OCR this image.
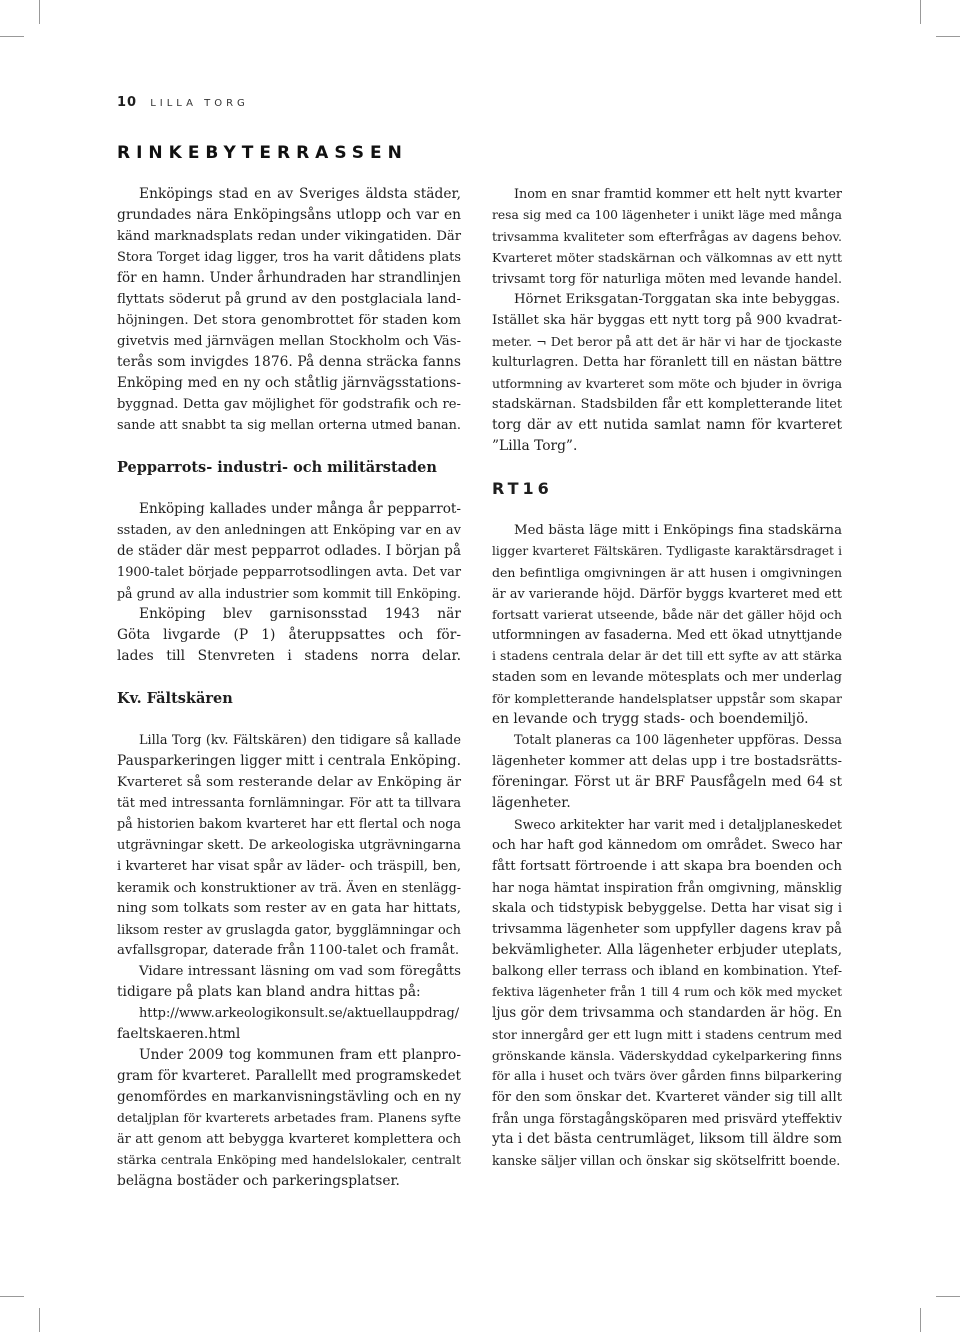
10 LILLA TORG
RINKEBYTERRASSEN
Enköpings stad en av Sveriges äldsta städer,
grundades nära Enköpingsåns utlopp och var en
känd marknadsplats redan under vikingatiden. Där
Stora Torget idag ligger, tros ha varit dåtidens plats
för en hamn. Under århundraden har strandlinjen
flyttats söderut på grund av den postglaciala land-
höjningen. Det stora genombrottet för staden kom
givetvis med järnvägen mellan Stockholm och Väs-
terås som invigdes 1876. På denna sträcka fanns
Enköping med en ny och ståtlig järnvägsstations-
byggnad. Detta gav möjlighet för godstrafik och re-
sande att snabbt ta sig mellan orterna utmed banan.
Pepparrots- industri- och militärstaden
Enköping kallades under många år pepparrot-
sstaden, av den anledningen att Enköping var en av
de städer där mest pepparrot odlades. I början på
1900-talet började pepparrotsodlingen avta. Det var
på grund av alla industrier som kommit till Enköping.
Enköping blev garnisonsstad 1943 när
Göta livgarde (P 1) återuppsattes och för-
lades till Stenvreten i stadens norra delar.
Kv. Fältskären
Lilla Torg (kv. Fältskären) den tidigare så kallade
Pausparkeringen ligger mitt i centrala Enköping.
Kvarteret så som resterande delar av Enköping är
tät med intressanta fornlämningar. För att ta tillvara
på historien bakom kvarteret har ett flertal och noga
utgrävningar skett. De arkeologiska utgrävningarna
i kvarteret har visat spår av läder- och träspill, ben,
keramik och konstruktioner av trä. Även en stenlägg-
ning som tolkats som rester av en gata har hittats,
liksom rester av gruslagda gator, bygglämningar och
avfallsgropar, daterade från 1100-talet och framåt.
Vidare intressant läsning om vad som föregåtts
tidigare på plats kan bland andra hittas på:
http://www.arkeologikonsult.se/aktuellauppdrag/
faeltskaeren.html
Under 2009 tog kommunen fram ett planpro-
gram för kvarteret. Parallellt med programskedet
genomfördes en markanvisningstävling och en ny
detaljplan för kvarterets arbetades fram. Planens syfte
är att genom att bebygga kvarteret komplettera och
stärka centrala Enköping med handelslokaler, centralt
belägna bostäder och parkeringsplatser.
Inom en snar framtid kommer ett helt nytt kvarter
resa sig med ca 100 lägenheter i unikt läge med många
trivsamma kvaliteter som efterfrågas av dagens behov.
Kvarteret möter stadskärnan och välkomnas av ett nytt
trivsamt torg för naturliga möten med levande handel.
Hörnet Eriksgatan-Torggatan ska inte bebyggas.
Istället ska här byggas ett nytt torg på 900 kvadrat-
meter. ¬ Det beror på att det är här vi har de tjockaste
kulturlagren. Detta har föranlett till en nästan bättre
utformning av kvarteret som möte och bjuder in övriga
stadskärnan. Stadsbilden får ett kompletterande litet
torg där av ett nutida samlat namn för kvarteret
”Lilla Torg”.
RT16
Med bästa läge mitt i Enköpings fina stadskärna
ligger kvarteret Fältskären. Tydligaste karaktärsdraget i
den befintliga omgivningen är att husen i omgivningen
är av varierande höjd. Därför byggs kvarteret med ett
fortsatt varierat utseende, både när det gäller höjd och
utformningen av fasaderna. Med ett ökad utnyttjande
i stadens centrala delar är det till ett syfte av att stärka
staden som en levande mötesplats och mer underlag
för kompletterande handelsplatser uppstår som skapar
en levande och trygg stads- och boendemiljö.
Totalt planeras ca 100 lägenheter uppföras. Dessa
lägenheter kommer att delas upp i tre bostadsrätts-
föreningar. Först ut är BRF Pausfågeln med 64 st
lägenheter.
Sweco arkitekter har varit med i detaljplaneskedet
och har haft god kännedom om området. Sweco har
fått fortsatt förtroende i att skapa bra boenden och
har noga hämtat inspiration från omgivning, mänsklig
skala och tidstypisk bebyggelse. Detta har visat sig i
trivsamma lägenheter som uppfyller dagens krav på
bekvämligheter. Alla lägenheter erbjuder uteplats,
balkong eller terrass och ibland en kombination. Ytef-
fektiva lägenheter från 1 till 4 rum och kök med mycket
ljus gör dem trivsamma och standarden är hög. En
stor innergård ger ett lugn mitt i stadens centrum med
grönskande känsla. Väderskyddad cykelparkering finns
för alla i huset och tvärs över gården finns bilparkering
för den som önskar det. Kvarteret vänder sig till allt
från unga förstagångsköparen med prisvärd yteffektiv
yta i det bästa centrumläget, liksom till äldre som
kanske säljer villan och önskar sig skötselfritt boende.
